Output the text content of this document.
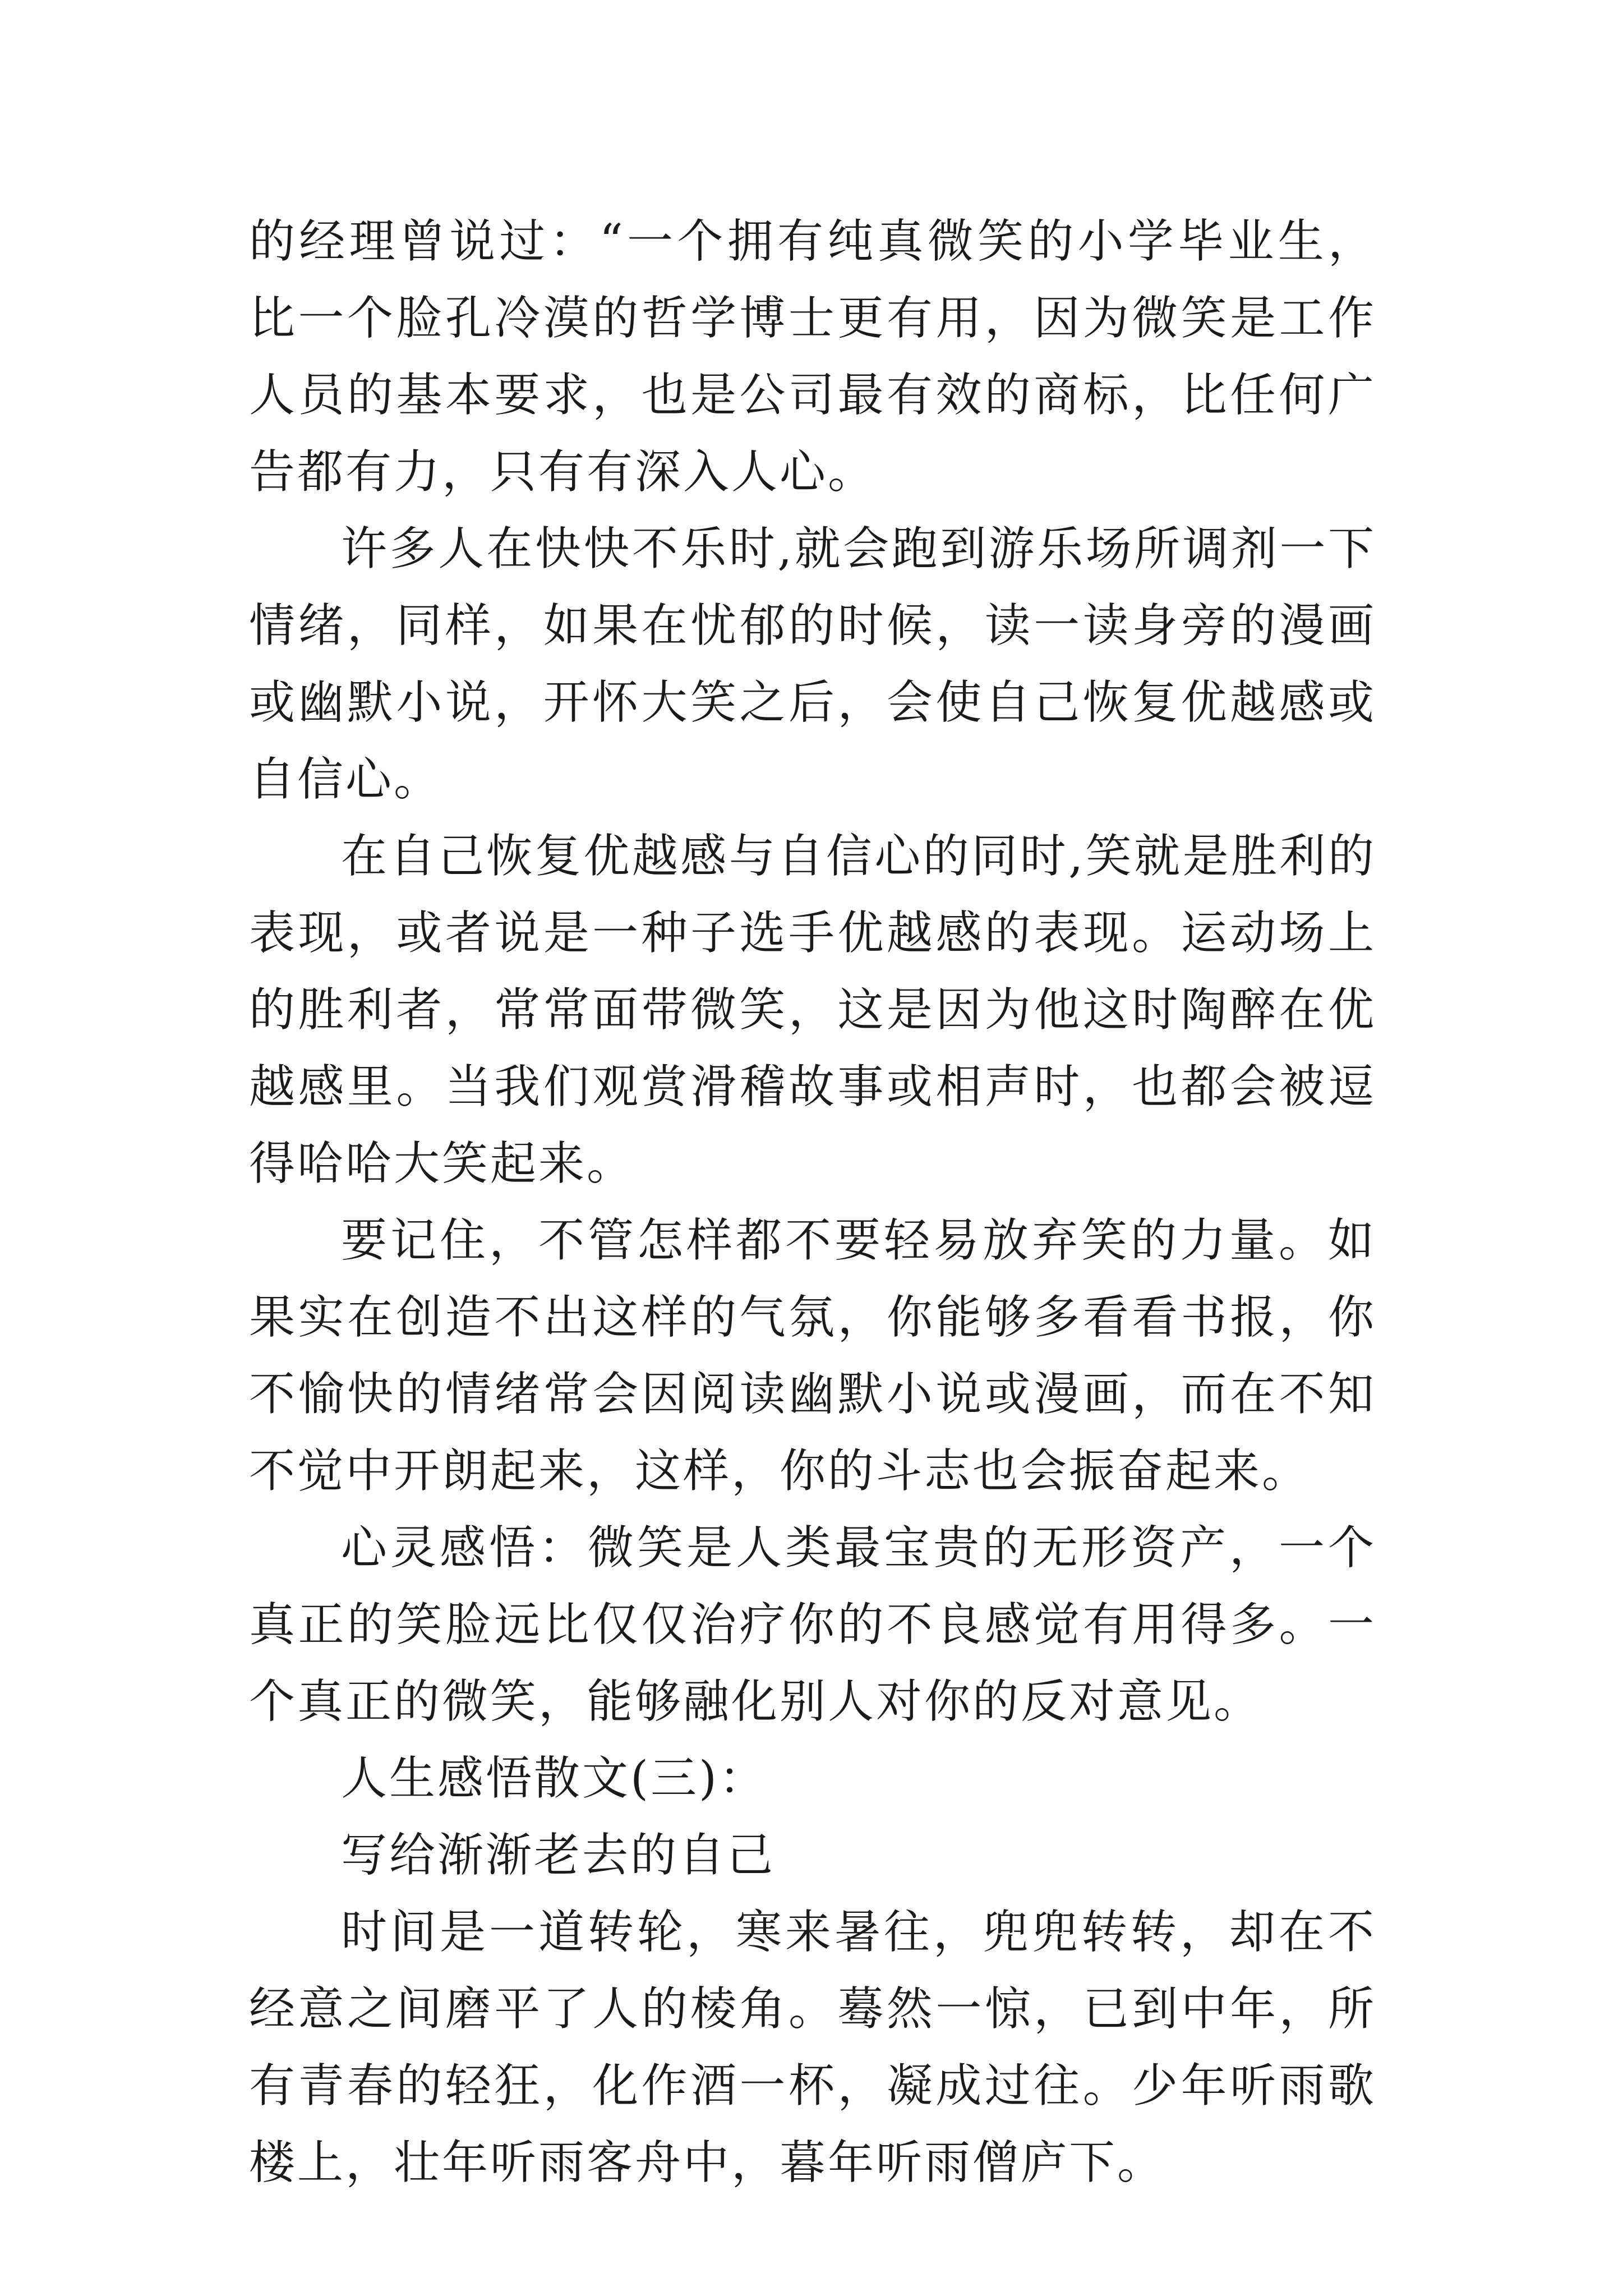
的经理曾说过：“一个拥有纯真微笑的小学毕业生，比一个脸孔冷漠的哲学博士更有用，因为微笑是工作人员的基本要求，也是公司最有效的商标，比任何广告都有力，只有有深入人心。

许多人在快快不乐时,就会跑到游乐场所调剂一下情绪，同样，如果在忧郁的时候，读一读身旁的漫画或幽默小说，开怀大笑之后，会使自己恢复优越感或自信心。

在自己恢复优越感与自信心的同时,笑就是胜利的表现，或者说是一种子选手优越感的表现。运动场上的胜利者，常常面带微笑，这是因为他这时陶醉在优越感里。当我们观赏滑稽故事或相声时，也都会被逗得哈哈大笑起来。

要记住，不管怎样都不要轻易放弃笑的力量。如果实在创造不出这样的气氛，你能够多看看书报，你不愉快的情绪常会因阅读幽默小说或漫画，而在不知不觉中开朗起来，这样，你的斗志也会振奋起来。

心灵感悟：微笑是人类最宝贵的无形资产，一个真正的笑脸远比仅仅治疗你的不良感觉有用得多。一个真正的微笑，能够融化别人对你的反对意见。

人生感悟散文(三)：

写给渐渐老去的自己

时间是一道转轮，寒来暑往，兜兜转转，却在不经意之间磨平了人的棱角。蓦然一惊，已到中年，所有青春的轻狂，化作酒一杯，凝成过往。少年听雨歌楼上，壮年听雨客舟中，暮年听雨僧庐下。
